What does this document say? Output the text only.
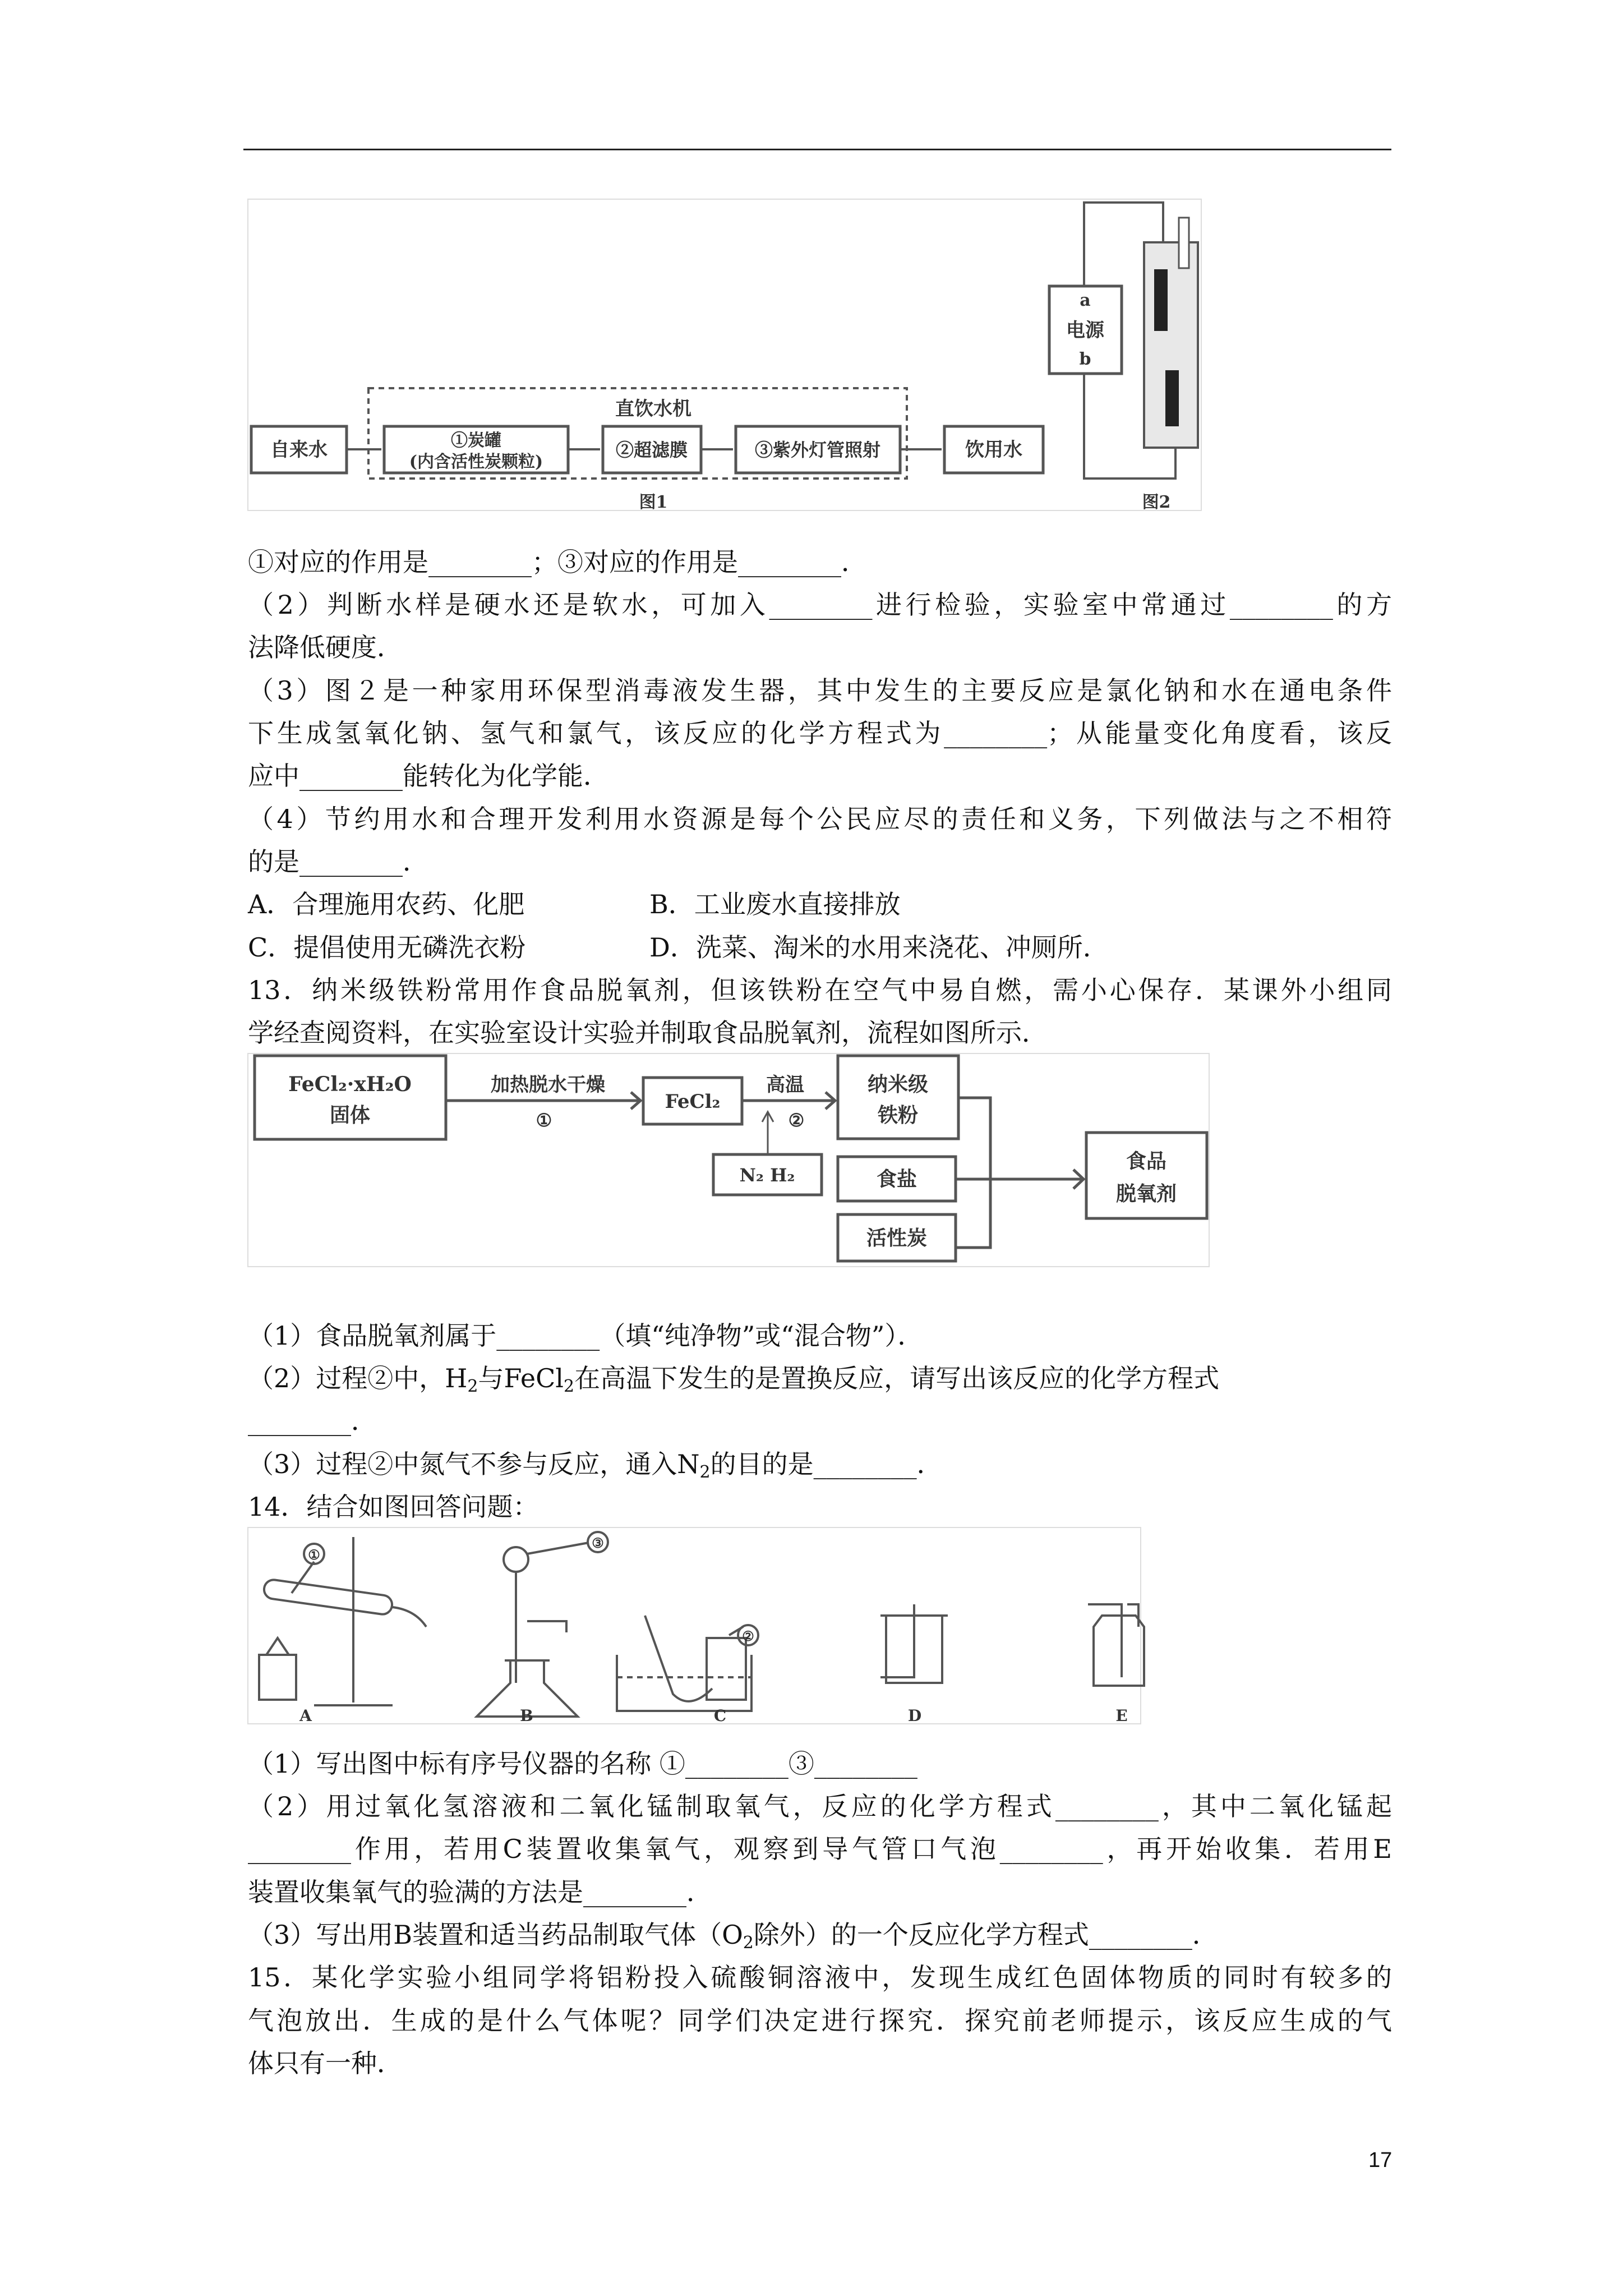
直饮水机
自来水	①炭罐
(内含活性炭颗粒)
②超滤膜	③紫外灯管照射	饮用水
图1
a
电源
b
图2
①对应的作用是________；③对应的作用是________．
（2）判断水样是硬水还是软水，可加入________进行检验，实验室中常通过________的方
法降低硬度．
（3）图２是一种家用环保型消毒液发生器，其中发生的主要反应是氯化钠和水在通电条件
下生成氢氧化钠、氢气和氯气，该反应的化学方程式为________；从能量变化角度看，该反
应中________能转化为化学能．
（4）节约用水和合理开发利用水资源是每个公民应尽的责任和义务，下列做法与之不相符
的是________．
A．合理施用农药、化肥	B．工业废水直接排放
C．提倡使用无磷洗衣粉	D．洗菜、淘米的水用来浇花、冲厕所．
13．纳米级铁粉常用作食品脱氧剂，但该铁粉在空气中易自燃，需小心保存．某课外小组同
学经查阅资料，在实验室设计实验并制取食品脱氧剂，流程如图所示．
FeCl₂·xH₂O
固体
加热脱水干燥
①
FeCl₂
高温
②
纳米级
铁粉
N₂ H₂	食盐
活性炭
食品
脱氧剂
（1）食品脱氧剂属于________（填“纯净物”或“混合物”）．
（2）过程②中，$H_2$与FeCl$_2$在高温下发生的是置换反应，请写出该反应的化学方程式
________．
（3）过程②中氮气不参与反应，通入$N_2$的目的是________．
14．结合如图回答问题：
A	B	C	D	E
①
③
②
（1）写出图中标有序号仪器的名称 ①________③________
（2）用过氧化氢溶液和二氧化锰制取氧气，反应的化学方程式________，其中二氧化锰起
________作用，若用C装置收集氧气，观察到导气管口气泡________，再开始收集．若用E
装置收集氧气的验满的方法是________．
（3）写出用B装置和适当药品制取气体（$O_2$除外）的一个反应化学方程式________．
15．某化学实验小组同学将铝粉投入硫酸铜溶液中，发现生成红色固体物质的同时有较多的
气泡放出．生成的是什么气体呢？同学们决定进行探究．探究前老师提示，该反应生成的气
体只有一种．
17
